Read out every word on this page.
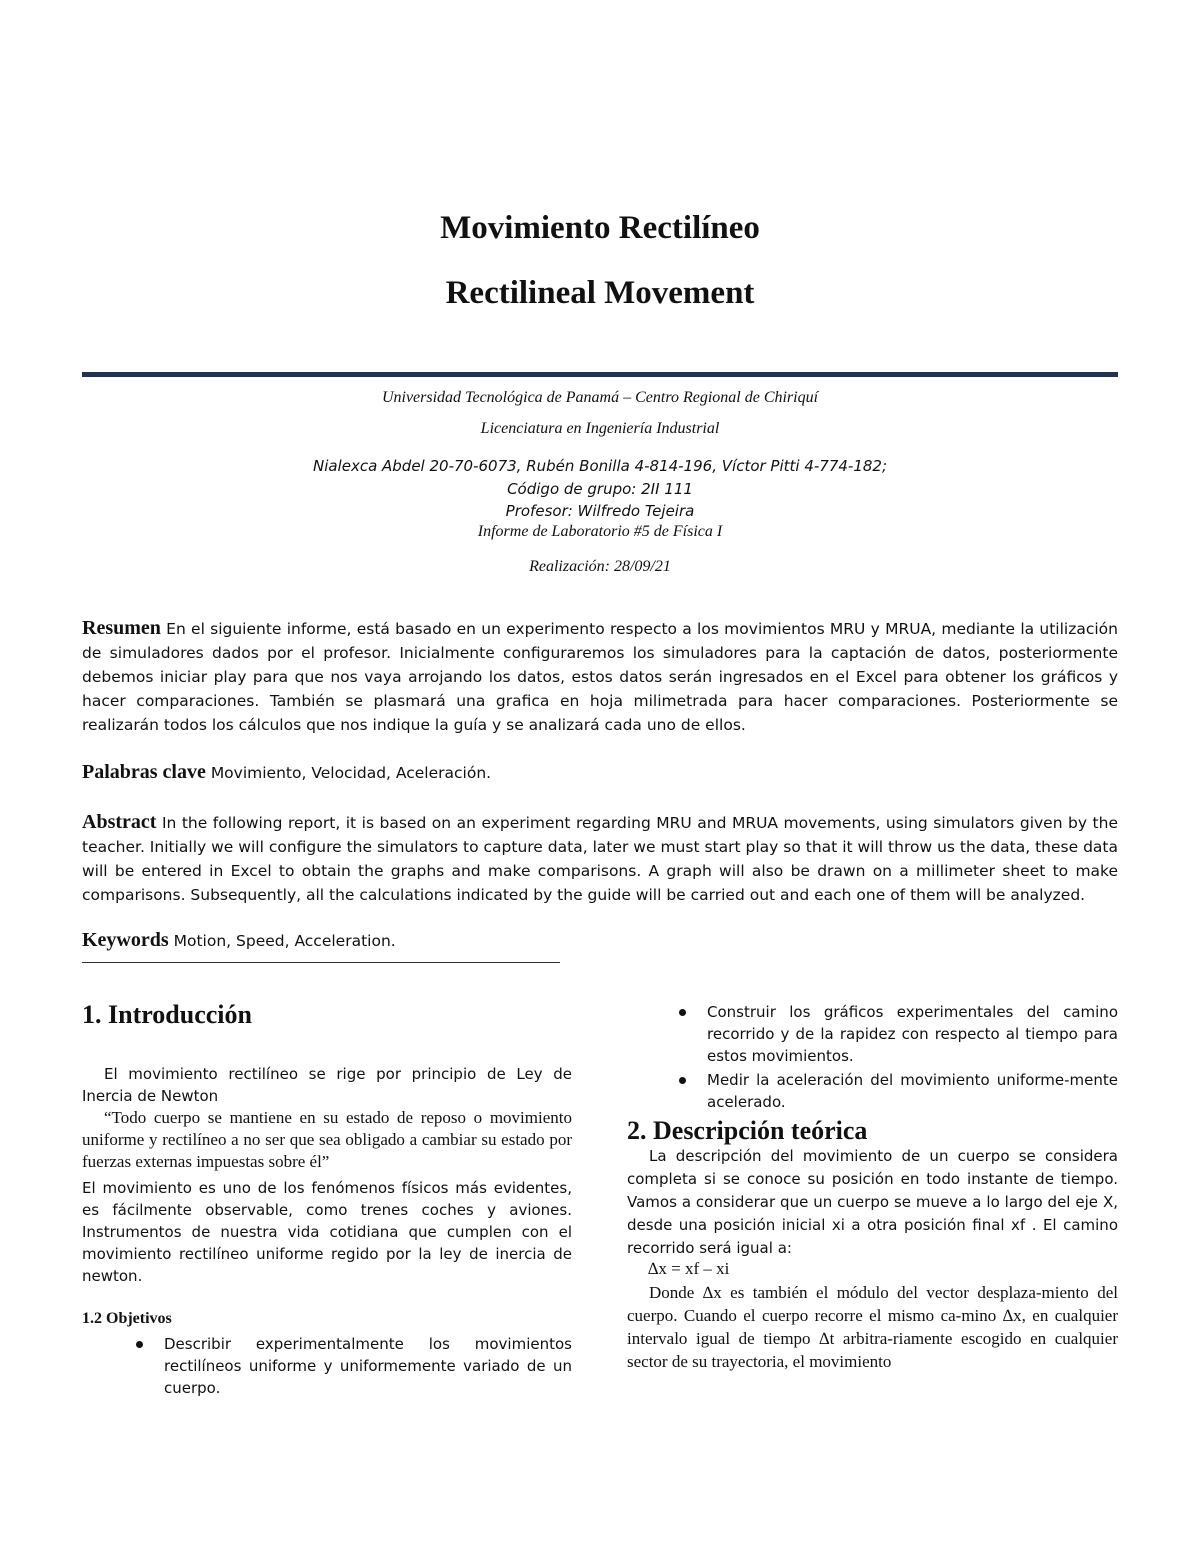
Movimiento Rectilíneo
Rectilineal Movement
Universidad Tecnológica de Panamá – Centro Regional de Chiriquí
Licenciatura en Ingeniería Industrial
Nialexca Abdel 20-70-6073, Rubén Bonilla 4-814-196, Víctor Pitti 4-774-182;
Código de grupo: 2II 111
Profesor: Wilfredo Tejeira
Informe de Laboratorio #5 de Física I
Realización: 28/09/21
Resumen En el siguiente informe, está basado en un experimento respecto a los movimientos MRU y MRUA, mediante la utilización de simuladores dados por el profesor. Inicialmente configuraremos los simuladores para la captación de datos, posteriormente debemos iniciar play para que nos vaya arrojando los datos, estos datos serán ingresados en el Excel para obtener los gráficos y hacer comparaciones. También se plasmará una grafica en hoja milimetrada para hacer comparaciones. Posteriormente se realizarán todos los cálculos que nos indique la guía y se analizará cada uno de ellos.
Palabras clave Movimiento, Velocidad, Aceleración.
Abstract In the following report, it is based on an experiment regarding MRU and MRUA movements, using simulators given by the teacher. Initially we will configure the simulators to capture data, later we must start play so that it will throw us the data, these data will be entered in Excel to obtain the graphs and make comparisons. A graph will also be drawn on a millimeter sheet to make comparisons. Subsequently, all the calculations indicated by the guide will be carried out and each one of them will be analyzed.
Keywords Motion, Speed, Acceleration.
1. Introducción
El movimiento rectilíneo se rige por principio de Ley de Inercia de Newton
“Todo cuerpo se mantiene en su estado de reposo o movimiento uniforme y rectilíneo a no ser que sea obligado a cambiar su estado por fuerzas externas impuestas sobre él”
El movimiento es uno de los fenómenos físicos más evidentes, es fácilmente observable, como trenes coches y aviones. Instrumentos de nuestra vida cotidiana que cumplen con el movimiento rectilíneo uniforme regido por la ley de inercia de newton.
1.2 Objetivos
Describir experimentalmente los movimientos rectilíneos uniforme y uniformemente variado de un cuerpo.
Construir los gráficos experimentales del camino recorrido y de la rapidez con respecto al tiempo para estos movimientos.
Medir la aceleración del movimiento uniforme-mente acelerado.
2. Descripción teórica
La descripción del movimiento de un cuerpo se considera completa si se conoce su posición en todo instante de tiempo. Vamos a considerar que un cuerpo se mueve a lo largo del eje X, desde una posición inicial xi a otra posición final xf . El camino recorrido será igual a:
∆x = xf – xi
Donde ∆x es también el módulo del vector desplaza-miento del cuerpo. Cuando el cuerpo recorre el mismo ca-mino ∆x, en cualquier intervalo igual de tiempo ∆t arbitra-riamente escogido en cualquier sector de su trayectoria, el movimiento
